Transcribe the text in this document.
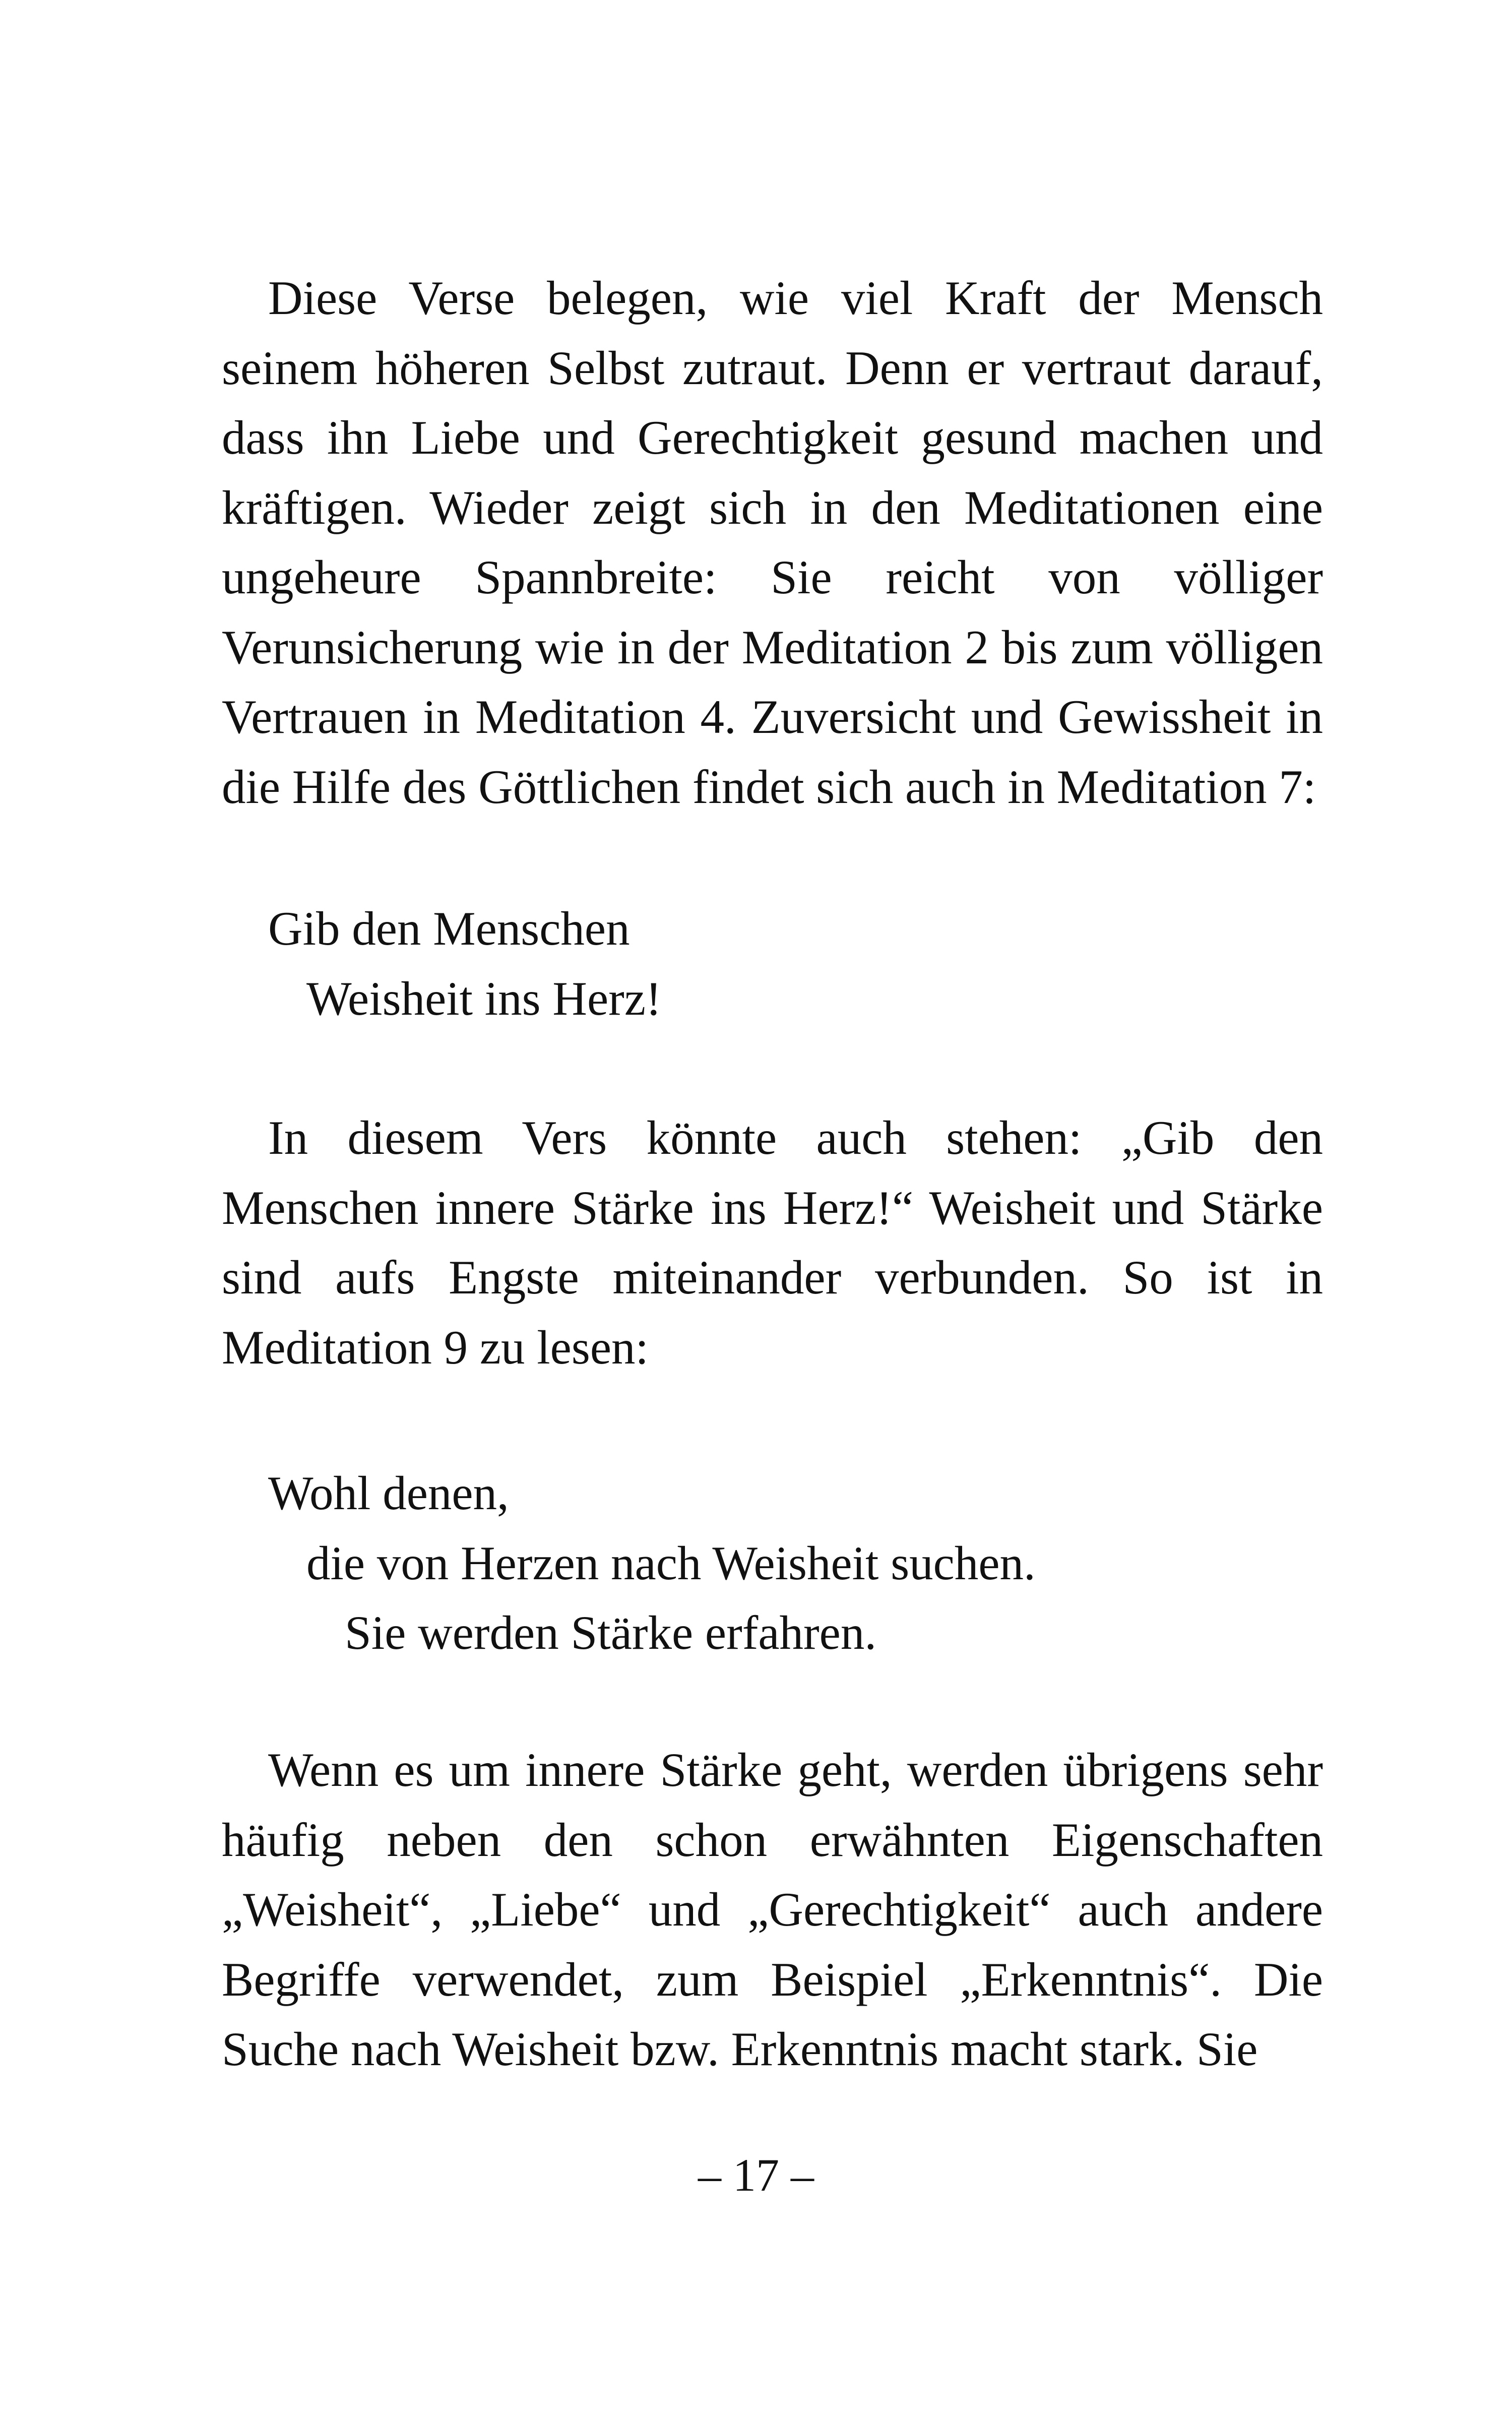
Diese Verse belegen, wie viel Kraft der Mensch seinem höheren Selbst zutraut. Denn er vertraut darauf, dass ihn Liebe und Gerechtigkeit gesund machen und kräftigen. Wieder zeigt sich in den Meditationen eine ungeheure Spannbreite: Sie reicht von völliger Verunsicherung wie in der Meditation 2 bis zum völligen Vertrauen in Meditation 4. Zuversicht und Gewissheit in die Hilfe des Göttlichen findet sich auch in Meditation 7:

Gib den Menschen
Weisheit ins Herz!

In diesem Vers könnte auch stehen: „Gib den Menschen innere Stärke ins Herz!“ Weisheit und Stärke sind aufs Engste miteinander verbunden. So ist in Meditation 9 zu lesen:

Wohl denen,
die von Herzen nach Weisheit suchen.
Sie werden Stärke erfahren.

Wenn es um innere Stärke geht, werden übrigens sehr häufig neben den schon erwähnten Eigenschaften „Weisheit“, „Liebe“ und „Gerechtigkeit“ auch andere Begriffe verwendet, zum Beispiel „Erkenntnis“. Die Suche nach Weisheit bzw. Erkenntnis macht stark. Sie

– 17 –
